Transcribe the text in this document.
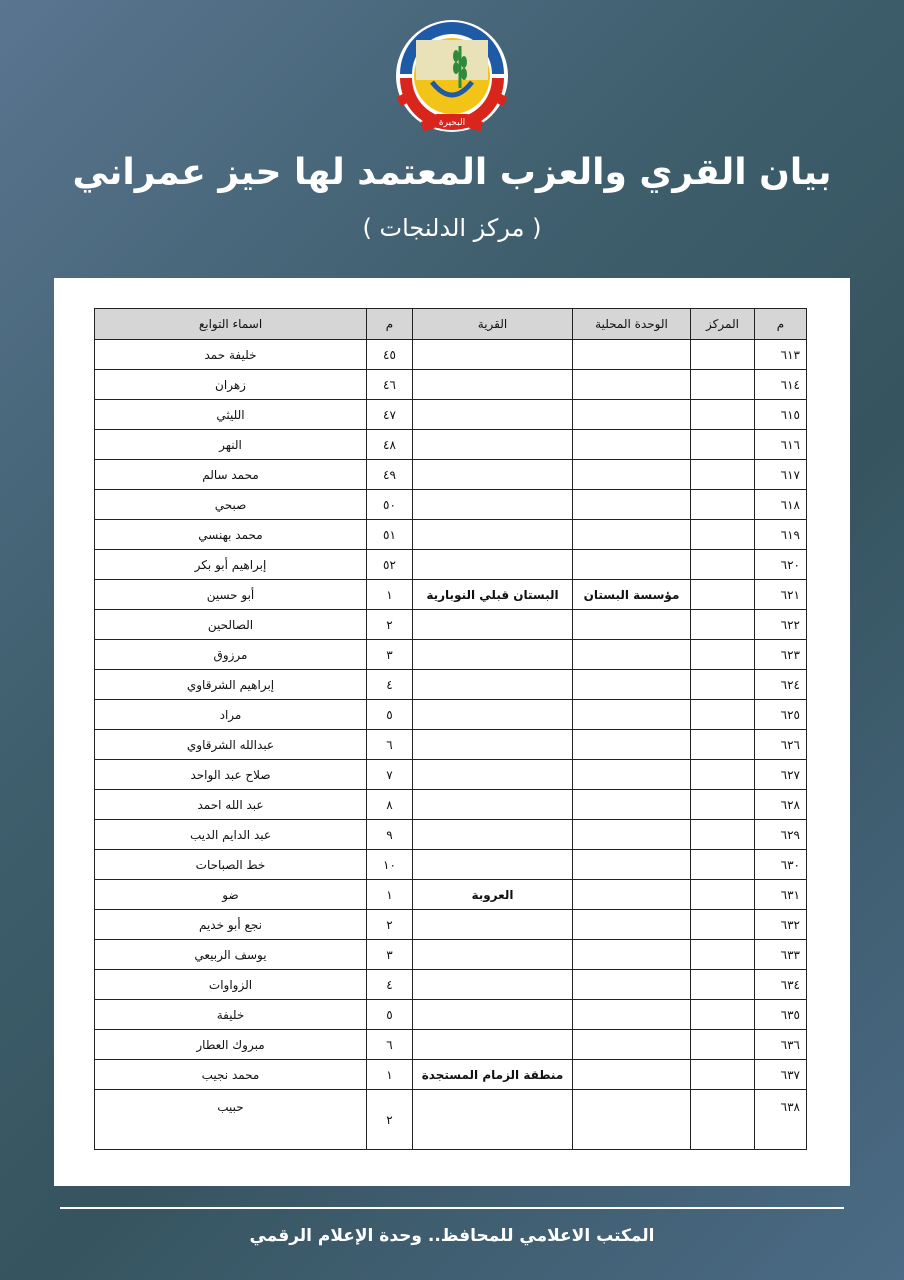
البحيرة
بيان القري والعزب المعتمد لها حيز عمراني
( مركز الدلنجات )
م	المركز	الوحدة المحلية	القرية	م	اسماء التوابع
٦١٣				٤٥	خليفة حمد
٦١٤				٤٦	زهران
٦١٥				٤٧	الليثي
٦١٦				٤٨	النهر
٦١٧				٤٩	محمد سالم
٦١٨				٥٠	صبحي
٦١٩				٥١	محمد بهنسي
٦٢٠				٥٢	إبراهيم أبو بكر
٦٢١		مؤسسة البستان	البستان قبلي النوبارية	١	أبو حسين
٦٢٢				٢	الصالحين
٦٢٣				٣	مرزوق
٦٢٤				٤	إبراهيم الشرقاوي
٦٢٥				٥	مراد
٦٢٦				٦	عبدالله الشرقاوي
٦٢٧				٧	صلاح عبد الواحد
٦٢٨				٨	عبد الله احمد
٦٢٩				٩	عبد الدايم الديب
٦٣٠				١٠	خط الصباحات
٦٣١			العروبة	١	ضو
٦٣٢				٢	نجع أبو خديم
٦٣٣				٣	يوسف الربيعي
٦٣٤				٤	الزواوات
٦٣٥				٥	خليفة
٦٣٦				٦	مبروك العطار
٦٣٧			منطقة الزمام المستجدة	١	محمد نجيب
٦٣٨				٢	حبيب
المكتب الاعلامي للمحافظ.. وحدة الإعلام الرقمي
